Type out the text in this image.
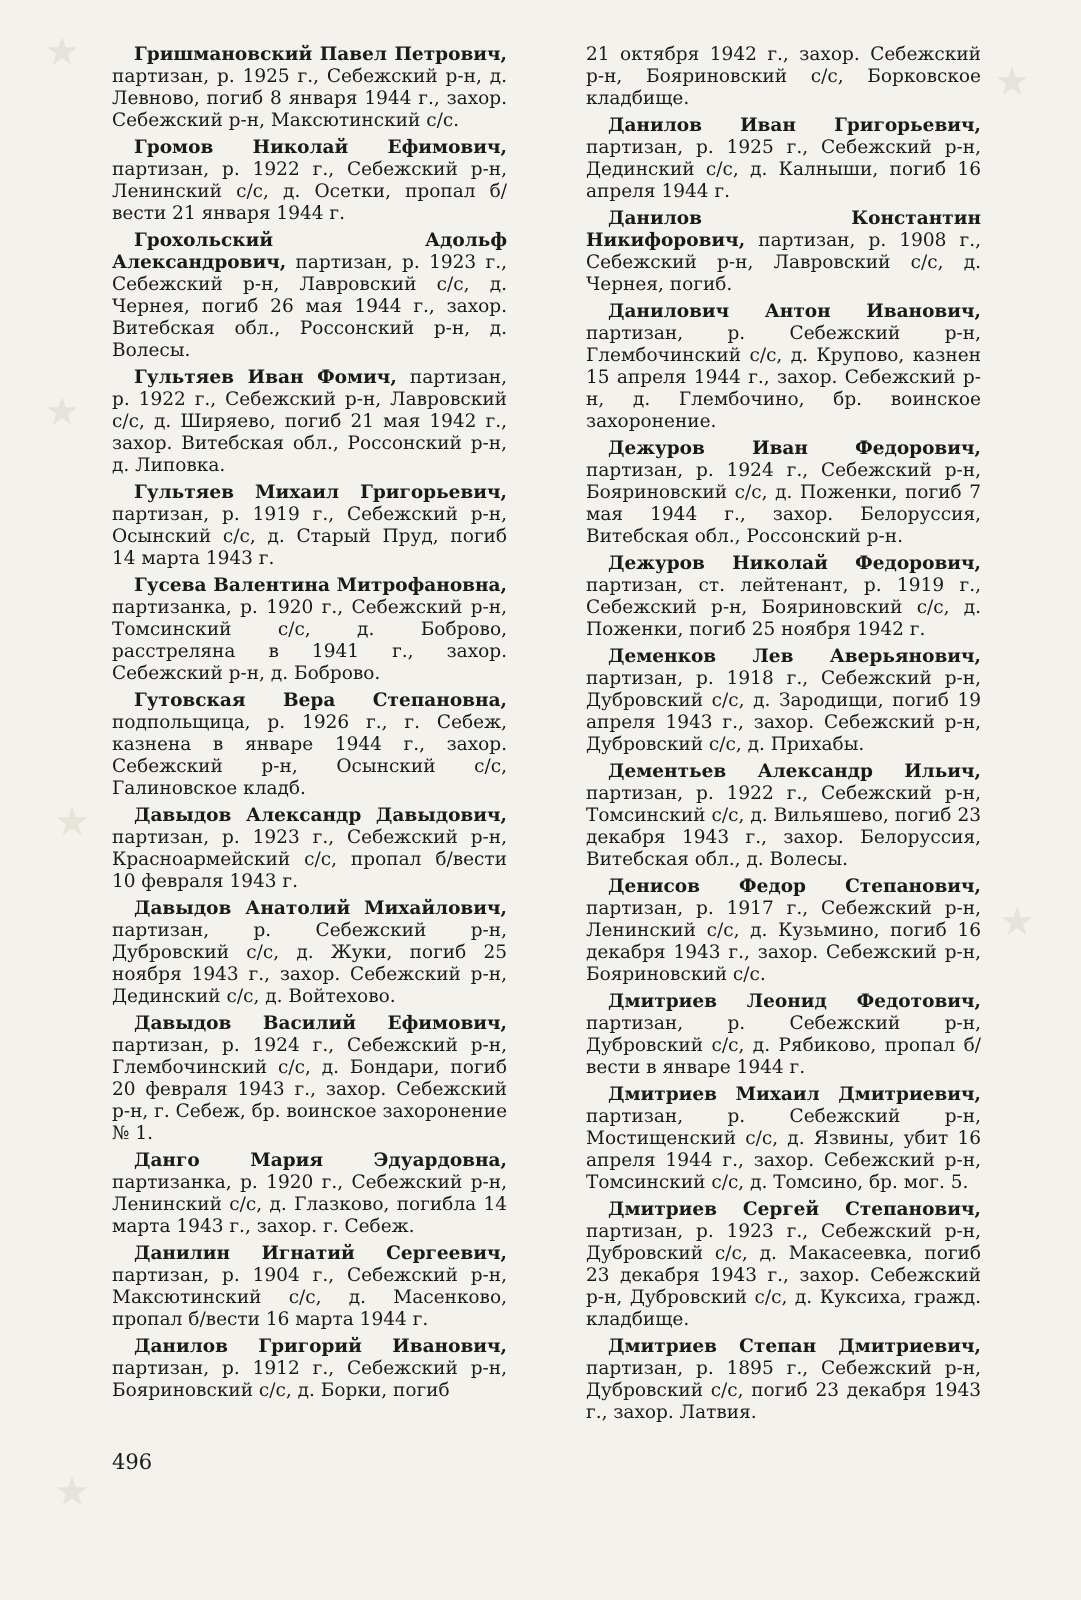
★
★
★
★
★
★

Гришмановский Павел Петрович, партизан, р. 1925 г., Себежский р-н, д. Левново, погиб 8 января 1944 г., захор. Себежский р-н, Максютинский с/с.

Громов Николай Ефимович, партизан, р. 1922 г., Себежский р-н, Ленинский с/с, д. Осетки, пропал б/вести 21 января 1944 г.

Грохольский Адольф Александрович, партизан, р. 1923 г., Себежский р-н, Лавровский с/с, д. Чернея, погиб 26 мая 1944 г., захор. Витебская обл., Россонский р-н, д. Волесы.

Гультяев Иван Фомич, партизан, р. 1922 г., Себежский р-н, Лавровский с/с, д. Ширяево, погиб 21 мая 1942 г., захор. Витебская обл., Россонский р-н, д. Липовка.

Гультяев Михаил Григорьевич, партизан, р. 1919 г., Себежский р-н, Осынский с/с, д. Старый Пруд, погиб 14 марта 1943 г.

Гусева Валентина Митрофановна, партизанка, р. 1920 г., Себежский р-н, Томсинский с/с, д. Боброво, расстреляна в 1941 г., захор. Себежский р-н, д. Боброво.

Гутовская Вера Степановна, подпольщица, р. 1926 г., г. Себеж, казнена в январе 1944 г., захор. Себежский р-н, Осынский с/с, Галиновское кладб.

Давыдов Александр Давыдович, партизан, р. 1923 г., Себежский р-н, Красноармейский с/с, пропал б/вести 10 февраля 1943 г.

Давыдов Анатолий Михайлович, партизан, р. Себежский р-н, Дубровский с/с, д. Жуки, погиб 25 ноября 1943 г., захор. Себежский р-н, Дединский с/с, д. Войтехово.

Давыдов Василий Ефимович, партизан, р. 1924 г., Себежский р-н, Глембочинский с/с, д. Бондари, погиб 20 февраля 1943 г., захор. Себежский р-н, г. Себеж, бр. воинское захоронение № 1.

Данго Мария Эдуардовна, партизанка, р. 1920 г., Себежский р-н, Ленинский с/с, д. Глазково, погибла 14 марта 1943 г., захор. г. Себеж.

Данилин Игнатий Сергеевич, партизан, р. 1904 г., Себежский р-н, Максютинский с/с, д. Масенково, пропал б/вести 16 марта 1944 г.

Данилов Григорий Иванович, партизан, р. 1912 г., Себежский р-н, Бояриновский с/с, д. Борки, погиб

21 октября 1942 г., захор. Себежский р-н, Бояриновский с/с, Борковское кладбище.

Данилов Иван Григорьевич, партизан, р. 1925 г., Себежский р-н, Дединский с/с, д. Калныши, погиб 16 апреля 1944 г.

Данилов Константин Никифорович, партизан, р. 1908 г., Себежский р-н, Лавровский с/с, д. Чернея, погиб.

Данилович Антон Иванович, партизан, р. Себежский р-н, Глембочинский с/с, д. Крупово, казнен 15 апреля 1944 г., захор. Себежский р-н, д. Глембочино, бр. воинское захоронение.

Дежуров Иван Федорович, партизан, р. 1924 г., Себежский р-н, Бояриновский с/с, д. Поженки, погиб 7 мая 1944 г., захор. Белоруссия, Витебская обл., Россонский р-н.

Дежуров Николай Федорович, партизан, ст. лейтенант, р. 1919 г., Себежский р-н, Бояриновский с/с, д. Поженки, погиб 25 ноября 1942 г.

Деменков Лев Аверьянович, партизан, р. 1918 г., Себежский р-н, Дубровский с/с, д. Зародищи, погиб 19 апреля 1943 г., захор. Себежский р-н, Дубровский с/с, д. Прихабы.

Дементьев Александр Ильич, партизан, р. 1922 г., Себежский р-н, Томсинский с/с, д. Вильяшево, погиб 23 декабря 1943 г., захор. Белоруссия, Витебская обл., д. Волесы.

Денисов Федор Степанович, партизан, р. 1917 г., Себежский р-н, Ленинский с/с, д. Кузьмино, погиб 16 декабря 1943 г., захор. Себежский р-н, Бояриновский с/с.

Дмитриев Леонид Федотович, партизан, р. Себежский р-н, Дубровский с/с, д. Рябиково, пропал б/вести в январе 1944 г.

Дмитриев Михаил Дмитриевич, партизан, р. Себежский р-н, Мостищенский с/с, д. Язвины, убит 16 апреля 1944 г., захор. Себежский р-н, Томсинский с/с, д. Томсино, бр. мог. 5.

Дмитриев Сергей Степанович, партизан, р. 1923 г., Себежский р-н, Дубровский с/с, д. Макасеевка, погиб 23 декабря 1943 г., захор. Себежский р-н, Дубровский с/с, д. Куксиха, гражд. кладбище.

Дмитриев Степан Дмитриевич, партизан, р. 1895 г., Себежский р-н, Дубровский с/с, погиб 23 декабря 1943 г., захор. Латвия.

496
